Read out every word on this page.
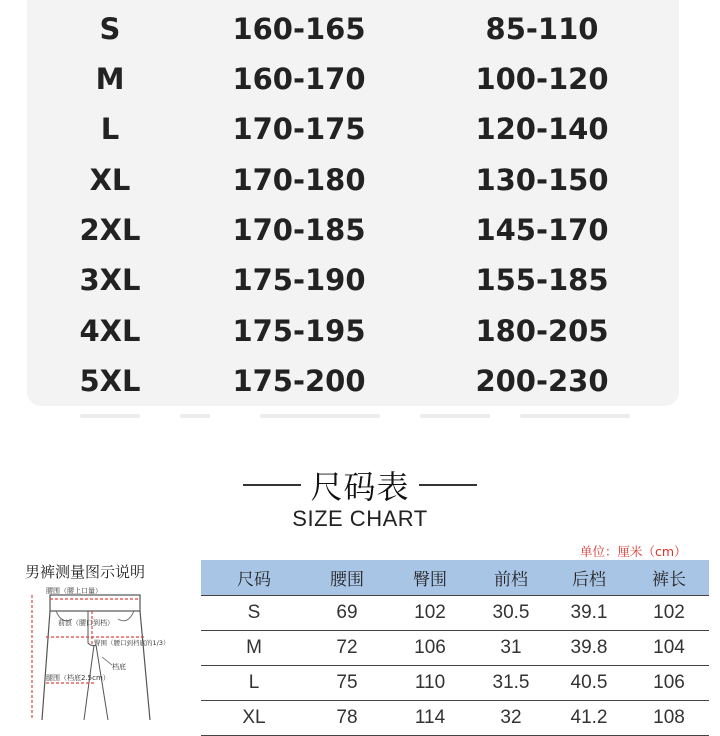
S	160-165	85-110
M	160-170	100-120
L	170-175	120-140
XL	170-180	130-150
2XL	170-185	145-170
3XL	175-190	155-185
4XL	175-195	180-205
5XL	175-200	200-230
尺码表
SIZE CHART
男裤测量图示说明
腰围（腰上口量）
前浪（腰口到档）
臀围（腰口到档底的1/3）
档底
腿围（档底2.5cm）
单位：厘米（cm）
尺码	腰围	臀围	前档	后档	裤长
S	69	102	30.5	39.1	102
M	72	106	31	39.8	104
L	75	110	31.5	40.5	106
XL	78	114	32	41.2	108
